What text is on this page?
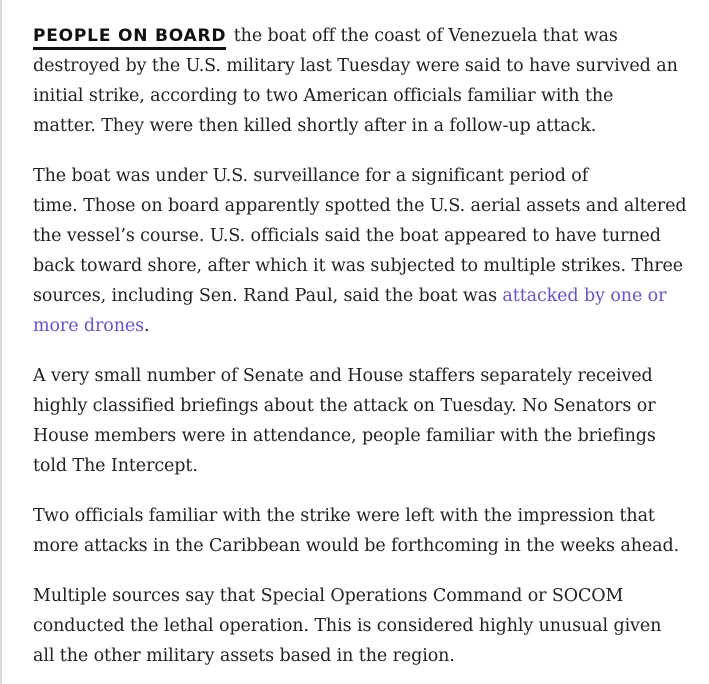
PEOPLE ON BOARD the boat off the coast of Venezuela that was
destroyed by the U.S. military last Tuesday were said to have survived an
initial strike, according to two American officials familiar with the
matter. They were then killed shortly after in a follow-up attack.

The boat was under U.S. surveillance for a significant period of
time. Those on board apparently spotted the U.S. aerial assets and altered
the vessel’s course. U.S. officials said the boat appeared to have turned
back toward shore, after which it was subjected to multiple strikes. Three
sources, including Sen. Rand Paul, said the boat was attacked by one or
more drones.

A very small number of Senate and House staffers separately received
highly classified briefings about the attack on Tuesday. No Senators or
House members were in attendance, people familiar with the briefings
told The Intercept.

Two officials familiar with the strike were left with the impression that
more attacks in the Caribbean would be forthcoming in the weeks ahead.

Multiple sources say that Special Operations Command or SOCOM
conducted the lethal operation. This is considered highly unusual given
all the other military assets based in the region.
